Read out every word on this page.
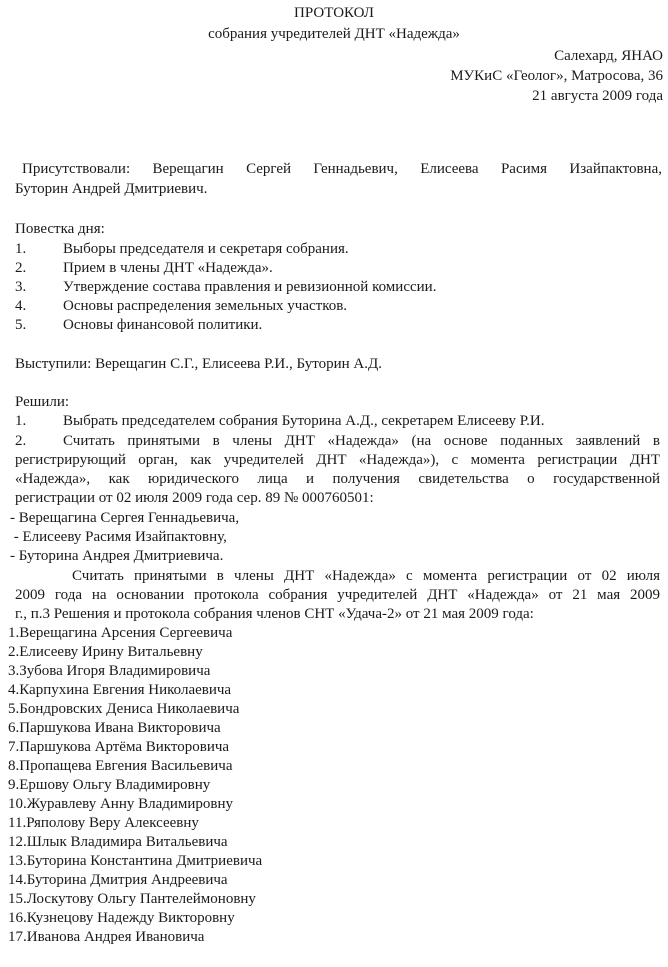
ПРОТОКОЛ
собрания учредителей ДНТ «Надежда»
Салехард, ЯНАО
МУКиС «Геолог», Матросова, 36
21 августа 2009 года
Присутствовали: Верещагин Сергей Геннадьевич, Елисеева Расимя Изайпактовна,
Буторин Андрей Дмитриевич.
Повестка дня:
1. Выборы председателя и секретаря собрания.
2. Прием в члены ДНТ «Надежда».
3. Утверждение состава правления и ревизионной комиссии.
4. Основы распределения земельных участков.
5. Основы финансовой политики.
Выступили: Верещагин С.Г., Елисеева Р.И., Буторин А.Д.
Решили:
1. Выбрать председателем собрания Буторина А.Д., секретарем Елисееву Р.И.
2. Считать принятыми в члены ДНТ «Надежда» (на основе поданных заявлений в
регистрирующий орган, как учредителей ДНТ «Надежда»), с момента регистрации ДНТ
«Надежда», как юридического лица и получения свидетельства о государственной
регистрации от 02 июля 2009 года сер. 89 № 000760501:
- Верещагина Сергея Геннадьевича,
- Елисееву Расимя Изайпактовну,
- Буторина Андрея Дмитриевича.
Считать принятыми в члены ДНТ «Надежда» с момента регистрации от 02 июля
2009 года на основании протокола собрания учредителей ДНТ «Надежда» от 21 мая 2009
г., п.3 Решения и протокола собрания членов СНТ «Удача-2» от 21 мая 2009 года:
1.Верещагина Арсения Сергеевича
2.Елисееву Ирину Витальевну
3.Зубова Игоря Владимировича
4.Карпухина Евгения Николаевича
5.Бондровских Дениса Николаевича
6.Паршукова Ивана Викторовича
7.Паршукова Артёма Викторовича
8.Пропащева Евгения Васильевича
9.Ершову Ольгу Владимировну
10.Журавлеву Анну Владимировну
11.Ряполову Веру Алексеевну
12.Шлык Владимира Витальевича
13.Буторина Константина Дмитриевича
14.Буторина Дмитрия Андреевича
15.Лоскутову Ольгу Пантелеймоновну
16.Кузнецову Надежду Викторовну
17.Иванова Андрея Ивановича
